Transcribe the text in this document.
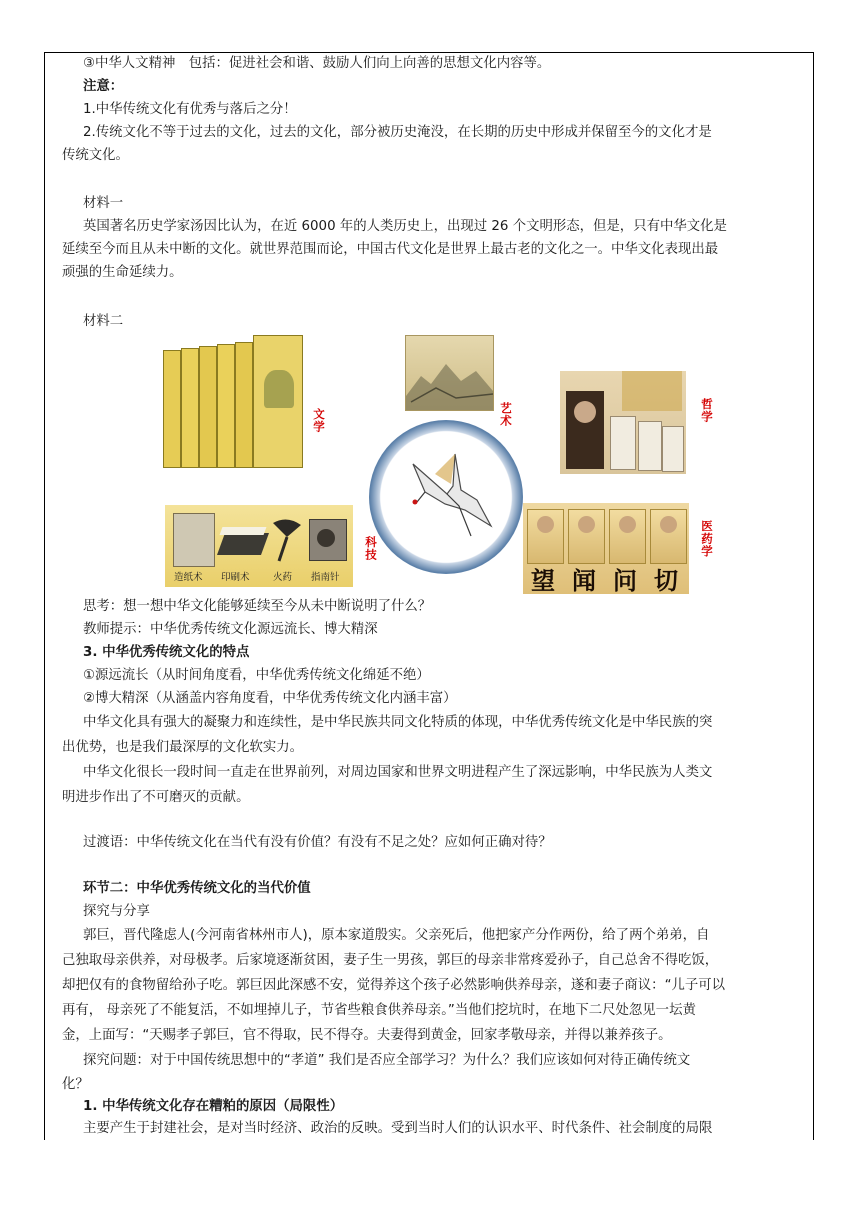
③中华人文精神　包括：促进社会和谐、鼓励人们向上向善的思想文化内容等。
注意：
1.中华传统文化有优秀与落后之分！
2.传统文化不等于过去的文化，过去的文化，部分被历史淹没，在长期的历史中形成并保留至今的文化才是
传统文化。
材料一
英国著名历史学家汤因比认为，在近 6000 年的人类历史上，出现过 26 个文明形态，但是，只有中华文化是
延续至今而且从未中断的文化。就世界范围而论，中国古代文化是世界上最古老的文化之一。中华文化表现出最
顽强的生命延续力。
材料二
文学	艺术	哲学
造纸术 印刷术 火药 指南针
科技
望 闻 问 切
医药学
思考：想一想中华文化能够延续至今从未中断说明了什么？
教师提示：中华优秀传统文化源远流长、博大精深
3. 中华优秀传统文化的特点
①源远流长（从时间角度看，中华优秀传统文化绵延不绝）
②博大精深（从涵盖内容角度看，中华优秀传统文化内涵丰富）
中华文化具有强大的凝聚力和连续性，是中华民族共同文化特质的体现，中华优秀传统文化是中华民族的突
出优势，也是我们最深厚的文化软实力。
中华文化很长一段时间一直走在世界前列，对周边国家和世界文明进程产生了深远影响，中华民族为人类文
明进步作出了不可磨灭的贡献。
过渡语：中华传统文化在当代有没有价值？有没有不足之处？应如何正确对待？
环节二：中华优秀传统文化的当代价值
探究与分享
郭巨，晋代隆虑人(今河南省林州市人)，原本家道殷实。父亲死后，他把家产分作两份，给了两个弟弟，自
己独取母亲供养，对母极孝。后家境逐渐贫困，妻子生一男孩，郭巨的母亲非常疼爱孙子，自己总舍不得吃饭，
却把仅有的食物留给孙子吃。郭巨因此深感不安，觉得养这个孩子必然影响供养母亲，遂和妻子商议：“儿子可以
再有， 母亲死了不能复活，不如埋掉儿子，节省些粮食供养母亲。”当他们挖坑时，在地下二尺处忽见一坛黄
金，上面写：“天赐孝子郭巨，官不得取，民不得夺。夫妻得到黄金，回家孝敬母亲，并得以兼养孩子。
探究问题：对于中国传统思想中的“孝道” 我们是否应全部学习？为什么？我们应该如何对待正确传统文
化？
1. 中华传统文化存在糟粕的原因（局限性）
主要产生于封建社会，是对当时经济、政治的反映。受到当时人们的认识水平、时代条件、社会制度的局限
